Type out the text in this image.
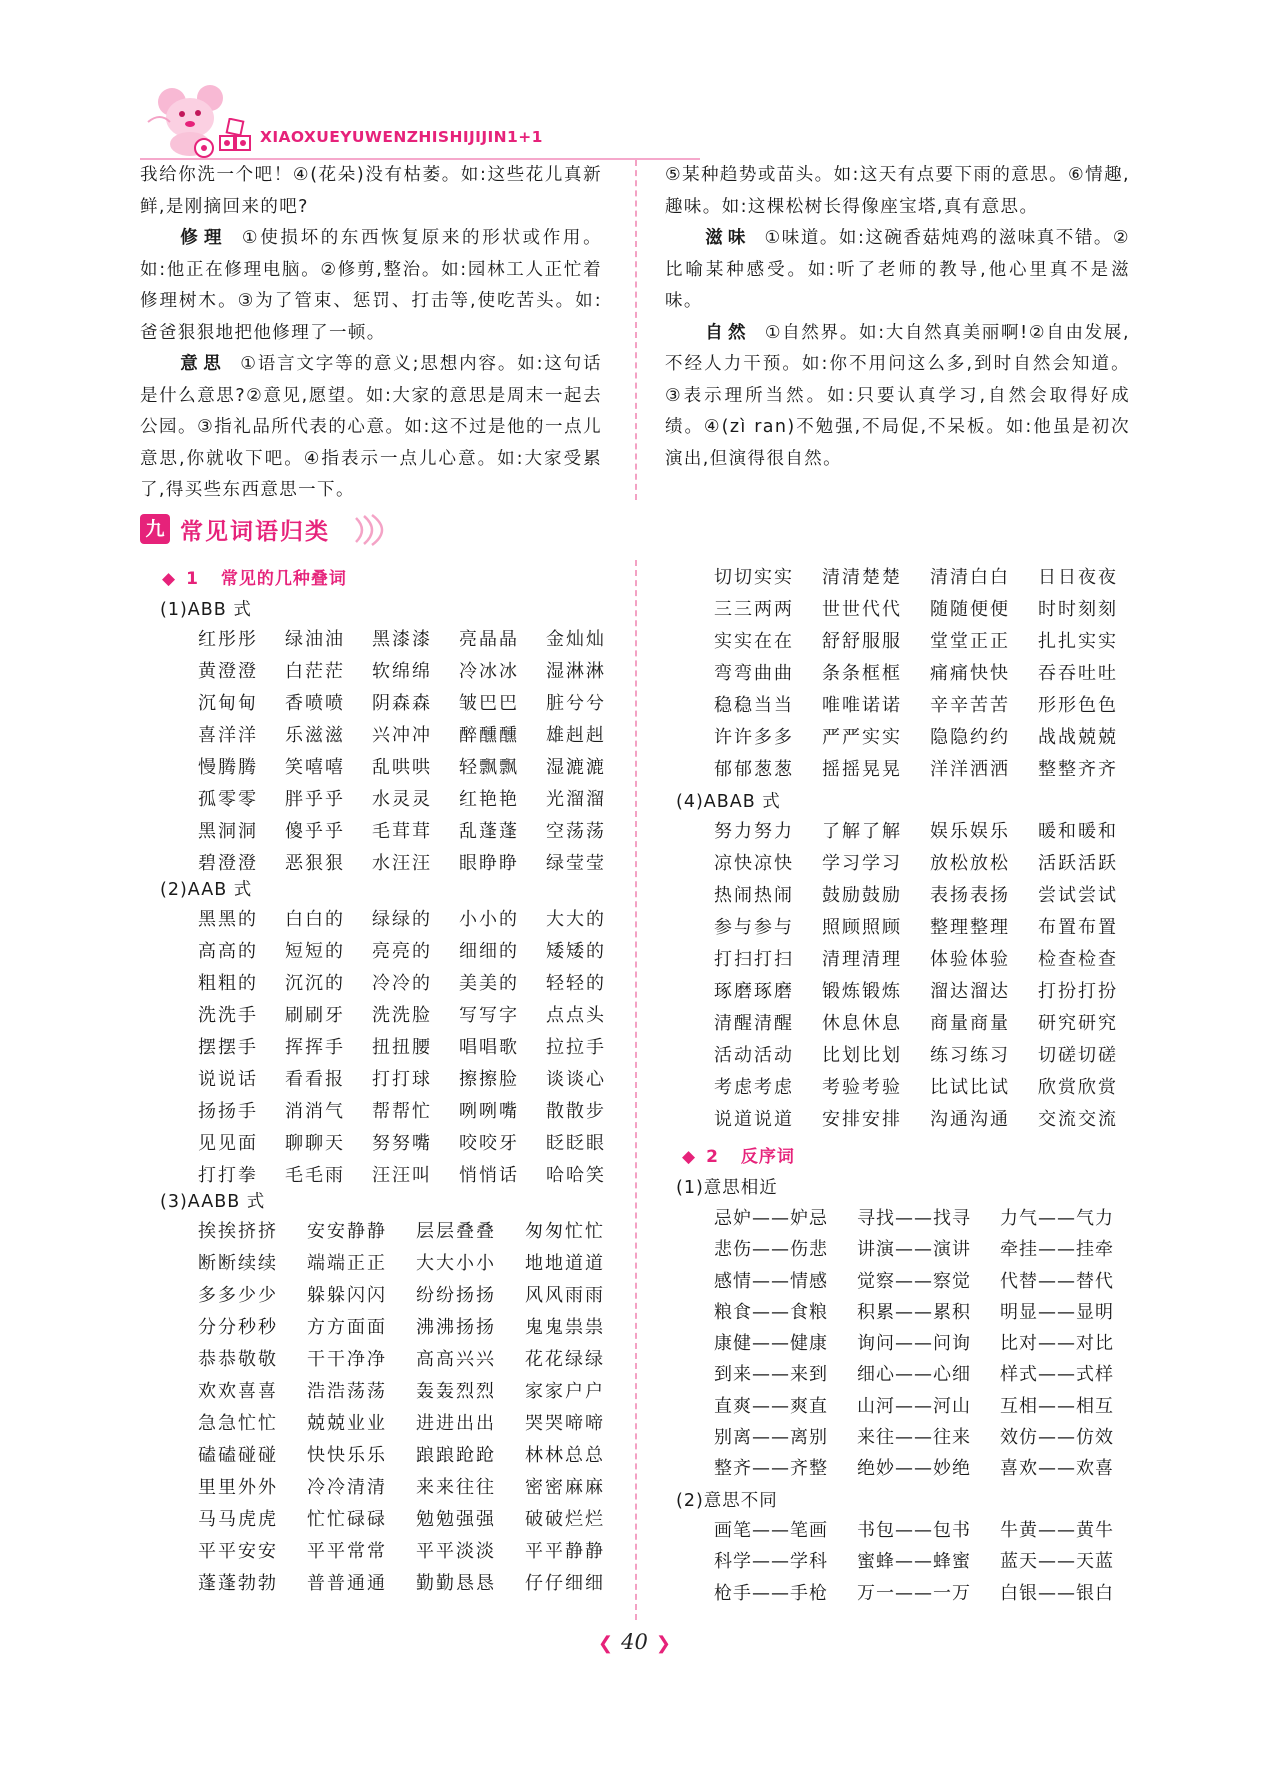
XIAOXUEYUWENZHISHIJIJIN1+1

我给你洗一个吧！④(花朵)没有枯萎。如:这些花儿真新鲜,是刚摘回来的吧?

修理 ①使损坏的东西恢复原来的形状或作用。如:他正在修理电脑。②修剪,整治。如:园林工人正忙着修理树木。③为了管束、惩罚、打击等,使吃苦头。如:爸爸狠狠地把他修理了一顿。

意思 ①语言文字等的意义;思想内容。如:这句话是什么意思?②意见,愿望。如:大家的意思是周末一起去公园。③指礼品所代表的心意。如:这不过是他的一点儿意思,你就收下吧。④指表示一点儿心意。如:大家受累了,得买些东西意思一下。

⑤某种趋势或苗头。如:这天有点要下雨的意思。⑥情趣,趣味。如:这棵松树长得像座宝塔,真有意思。

滋味 ①味道。如:这碗香菇炖鸡的滋味真不错。②比喻某种感受。如:听了老师的教导,他心里真不是滋味。

自然 ①自然界。如:大自然真美丽啊!②自由发展,不经人力干预。如:你不用问这么多,到时自然会知道。③表示理所当然。如:只要认真学习,自然会取得好成绩。④(zì ran)不勉强,不局促,不呆板。如:他虽是初次演出,但演得很自然。

九 常见词语归类
◆ 1 常见的几种叠词
(1)ABB 式
红彤彤	绿油油	黑漆漆	亮晶晶	金灿灿
黄澄澄	白茫茫	软绵绵	冷冰冰	湿淋淋
沉甸甸	香喷喷	阴森森	皱巴巴	脏兮兮
喜洋洋	乐滋滋	兴冲冲	醉醺醺	雄赳赳
慢腾腾	笑嘻嘻	乱哄哄	轻飘飘	湿漉漉
孤零零	胖乎乎	水灵灵	红艳艳	光溜溜
黑洞洞	傻乎乎	毛茸茸	乱蓬蓬	空荡荡
碧澄澄	恶狠狠	水汪汪	眼睁睁	绿莹莹
(2)AAB 式
黑黑的	白白的	绿绿的	小小的	大大的
高高的	短短的	亮亮的	细细的	矮矮的
粗粗的	沉沉的	冷冷的	美美的	轻轻的
洗洗手	刷刷牙	洗洗脸	写写字	点点头
摆摆手	挥挥手	扭扭腰	唱唱歌	拉拉手
说说话	看看报	打打球	擦擦脸	谈谈心
扬扬手	消消气	帮帮忙	咧咧嘴	散散步
见见面	聊聊天	努努嘴	咬咬牙	眨眨眼
打打拳	毛毛雨	汪汪叫	悄悄话	哈哈笑
(3)AABB 式
挨挨挤挤	安安静静	层层叠叠	匆匆忙忙
断断续续	端端正正	大大小小	地地道道
多多少少	躲躲闪闪	纷纷扬扬	风风雨雨
分分秒秒	方方面面	沸沸扬扬	鬼鬼祟祟
恭恭敬敬	干干净净	高高兴兴	花花绿绿
欢欢喜喜	浩浩荡荡	轰轰烈烈	家家户户
急急忙忙	兢兢业业	进进出出	哭哭啼啼
磕磕碰碰	快快乐乐	踉踉跄跄	林林总总
里里外外	冷冷清清	来来往往	密密麻麻
马马虎虎	忙忙碌碌	勉勉强强	破破烂烂
平平安安	平平常常	平平淡淡	平平静静
蓬蓬勃勃	普普通通	勤勤恳恳	仔仔细细
切切实实	清清楚楚	清清白白	日日夜夜
三三两两	世世代代	随随便便	时时刻刻
实实在在	舒舒服服	堂堂正正	扎扎实实
弯弯曲曲	条条框框	痛痛快快	吞吞吐吐
稳稳当当	唯唯诺诺	辛辛苦苦	形形色色
许许多多	严严实实	隐隐约约	战战兢兢
郁郁葱葱	摇摇晃晃	洋洋洒洒	整整齐齐
(4)ABAB 式
努力努力	了解了解	娱乐娱乐	暖和暖和
凉快凉快	学习学习	放松放松	活跃活跃
热闹热闹	鼓励鼓励	表扬表扬	尝试尝试
参与参与	照顾照顾	整理整理	布置布置
打扫打扫	清理清理	体验体验	检查检查
琢磨琢磨	锻炼锻炼	溜达溜达	打扮打扮
清醒清醒	休息休息	商量商量	研究研究
活动活动	比划比划	练习练习	切磋切磋
考虑考虑	考验考验	比试比试	欣赏欣赏
说道说道	安排安排	沟通沟通	交流交流
◆ 2 反序词
(1)意思相近
忌妒——妒忌	寻找——找寻	力气——气力
悲伤——伤悲	讲演——演讲	牵挂——挂牵
感情——情感	觉察——察觉	代替——替代
粮食——食粮	积累——累积	明显——显明
康健——健康	询问——问询	比对——对比
到来——来到	细心——心细	样式——式样
直爽——爽直	山河——河山	互相——相互
别离——离别	来往——往来	效仿——仿效
整齐——齐整	绝妙——妙绝	喜欢——欢喜
(2)意思不同
画笔——笔画	书包——包书	牛黄——黄牛
科学——学科	蜜蜂——蜂蜜	蓝天——天蓝
枪手——手枪	万一——一万	白银——银白
❮ 40 ❯
